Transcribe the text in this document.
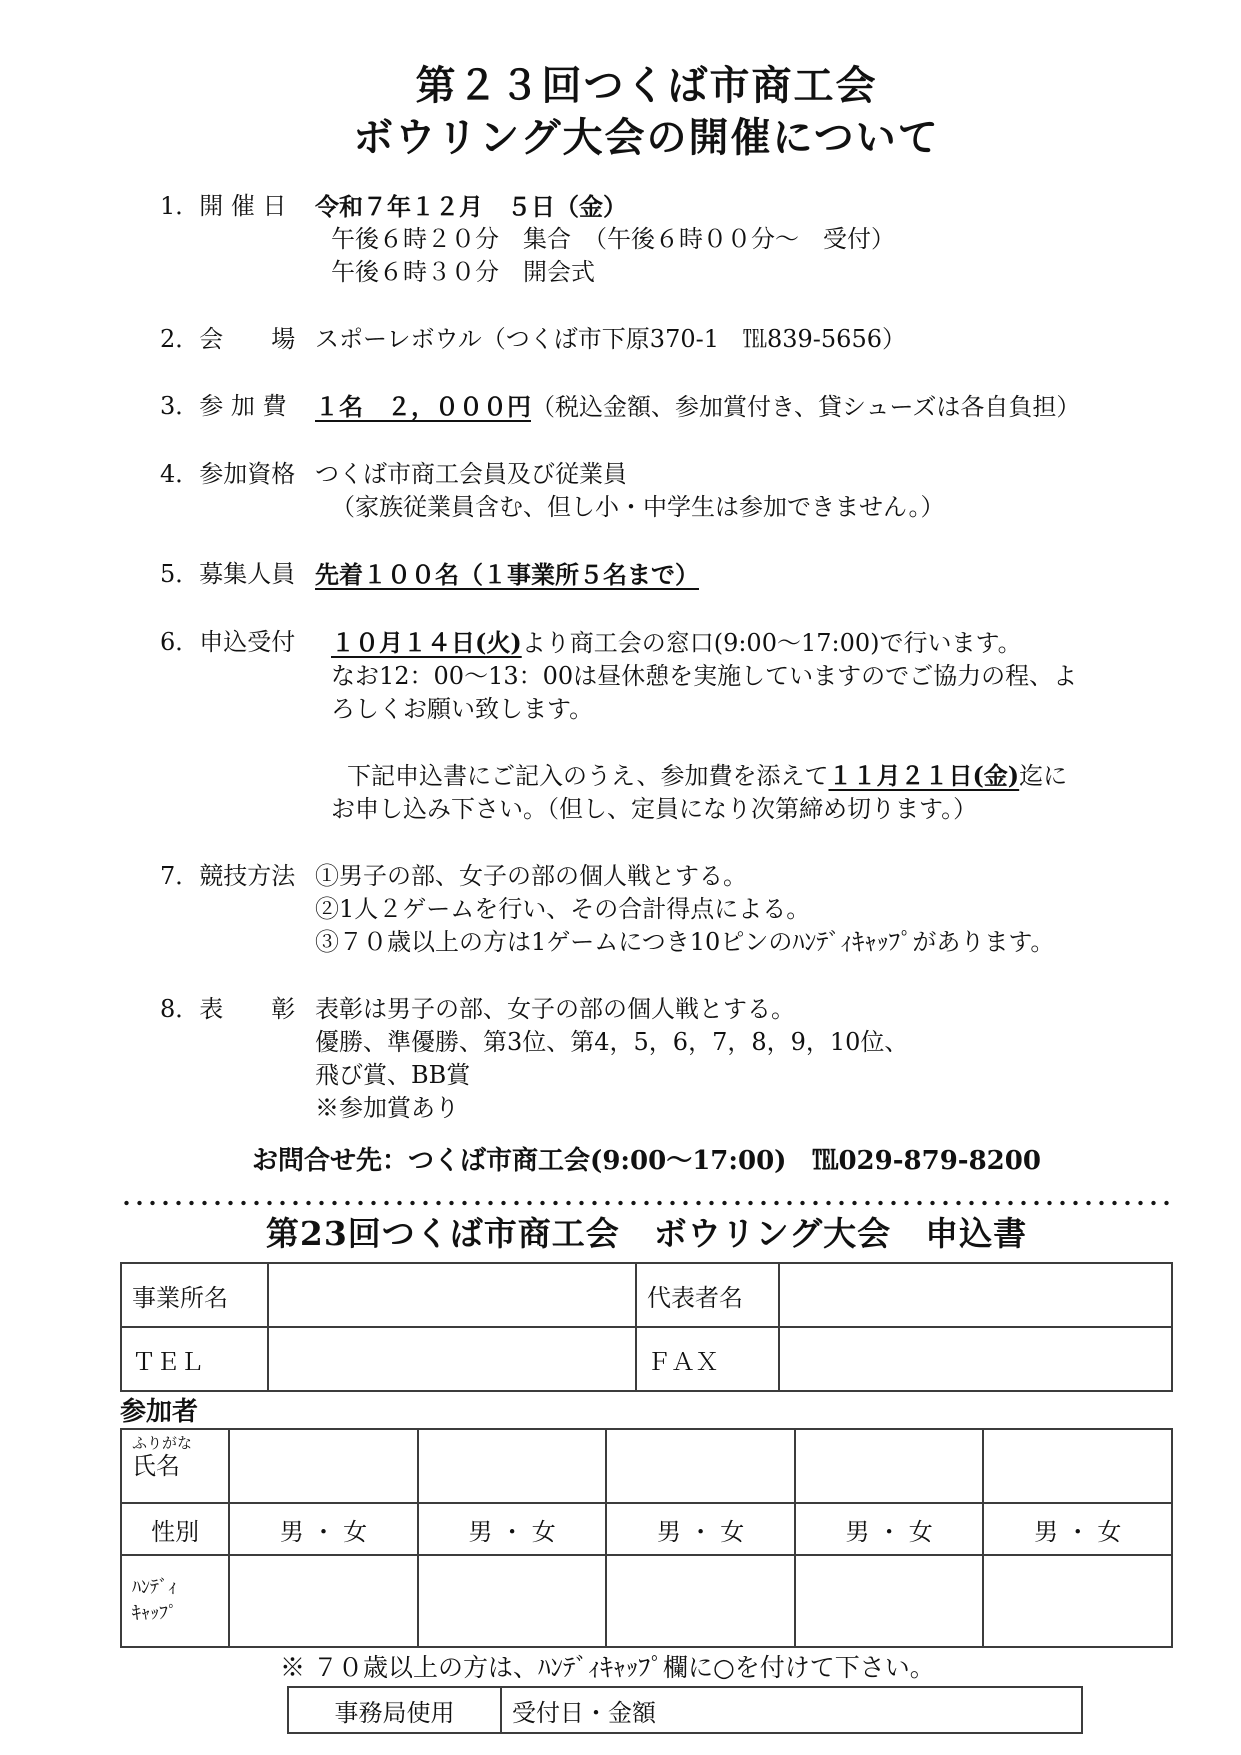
第２３回つくば市商工会
ボウリング大会の開催について
1．開 催 日	令和７年１２月　５日（金）
午後６時２０分　集合　（午後６時００分～　受付）
午後６時３０分　開会式
2．会　　場 スポーレボウル（つくば市下原370-1　℡839-5656）
3．参 加 費	１名　２，０００円（税込金額、参加賞付き、貸シューズは各自負担）
4．参加資格 つくば市商工会員及び従業員
（家族従業員含む、但し小・中学生は参加できません。）
5．募集人員 先着１００名（１事業所５名まで）
6．申込受付	１０月１４日(火)より商工会の窓口(9:00～17:00)で行います。
なお12：00～13：00は昼休憩を実施していますのでご協力の程、よ
ろしくお願い致します。
下記申込書にご記入のうえ、参加費を添えて１１月２１日(金)迄に
お申し込み下さい。（但し、定員になり次第締め切ります。）
7．競技方法 ①男子の部、女子の部の個人戦とする。
②1人２ゲームを行い、その合計得点による。
③７０歳以上の方は1ゲームにつき10ピンのﾊﾝﾃﾞｨｷｬｯﾌﾟがあります。
8．表　　彰 表彰は男子の部、女子の部の個人戦とする。
優勝、準優勝、第3位、第4，5，6，7，8，9，10位、
飛び賞、BB賞
※参加賞あり
お問合せ先：つくば市商工会(9:00～17:00)　℡029-879-8200
第23回つくば市商工会　ボウリング大会　申込書
事業所名		代表者名	
ＴＥＬ		ＦＡＸ	
参加者
ふりがな
氏名					

性別	男 ・ 女	男 ・ 女	男 ・ 女	男 ・ 女	男 ・ 女

ﾊﾝﾃﾞｨ
ｷｬｯﾌﾟ					

※ ７０歳以上の方は、ﾊﾝﾃﾞｨｷｬｯﾌﾟ欄に○を付けて下さい。
事務局使用	受付日・金額
